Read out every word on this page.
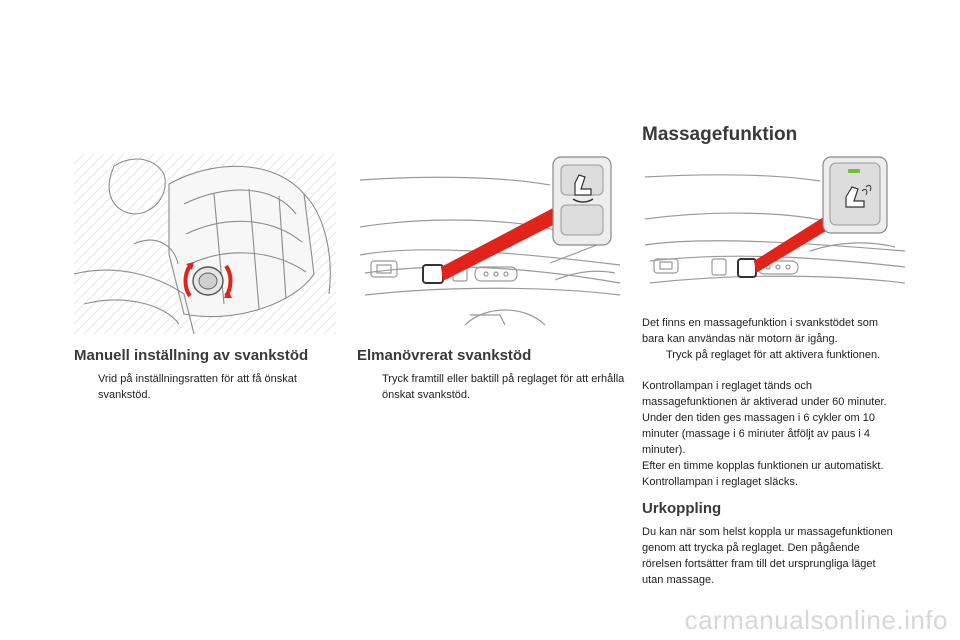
Massagefunktion
Manuell inställning av svankstöd	Elmanövrerat svankstöd
Urkoppling
Vrid på inställningsratten för att få önskat svankstöd.
Tryck framtill eller baktill på reglaget för att erhålla önskat svankstöd.

Det finns en massagefunktion i svankstödet som bara kan användas när motorn är igång.

Tryck på reglaget för att aktivera funktionen.

Kontrollampan i reglaget tänds och massagefunktionen är aktiverad under 60 minuter. Under den tiden ges massagen i 6 cykler om 10 minuter (massage i 6 minuter åtföljt av paus i 4 minuter).

Efter en timme kopplas funktionen ur automatiskt. Kontrollampan i reglaget släcks.

Du kan när som helst koppla ur massagefunktionen genom att trycka på reglaget. Den pågående rörelsen fortsätter fram till det ursprungliga läget utan massage.

carmanualsonline.info
